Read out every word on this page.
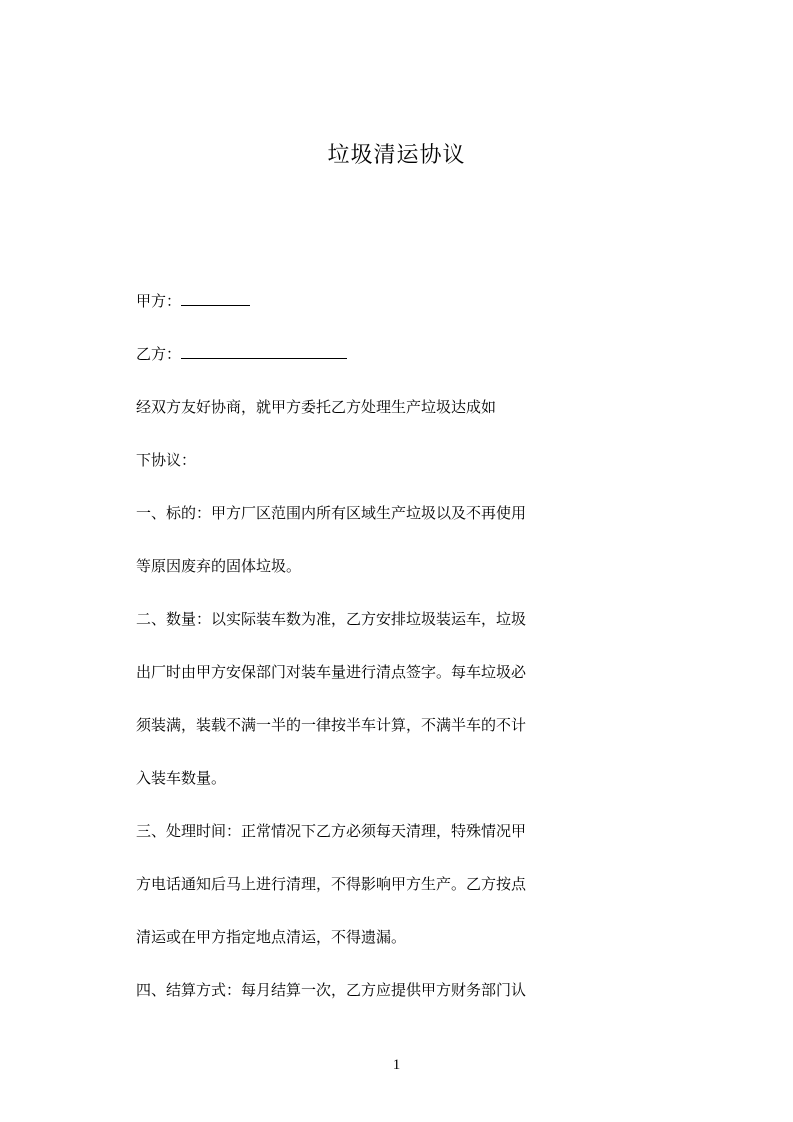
垃圾清运协议
甲方：
乙方：
经双方友好协商，就甲方委托乙方处理生产垃圾达成如
下协议：
一、标的：甲方厂区范围内所有区域生产垃圾以及不再使用
等原因废弃的固体垃圾。
二、数量：以实际装车数为准，乙方安排垃圾装运车，垃圾
出厂时由甲方安保部门对装车量进行清点签字。每车垃圾必
须装满，装载不满一半的一律按半车计算，不满半车的不计
入装车数量。
三、处理时间：正常情况下乙方必须每天清理，特殊情况甲
方电话通知后马上进行清理，不得影响甲方生产。乙方按点
清运或在甲方指定地点清运，不得遗漏。
四、结算方式：每月结算一次，乙方应提供甲方财务部门认
1
